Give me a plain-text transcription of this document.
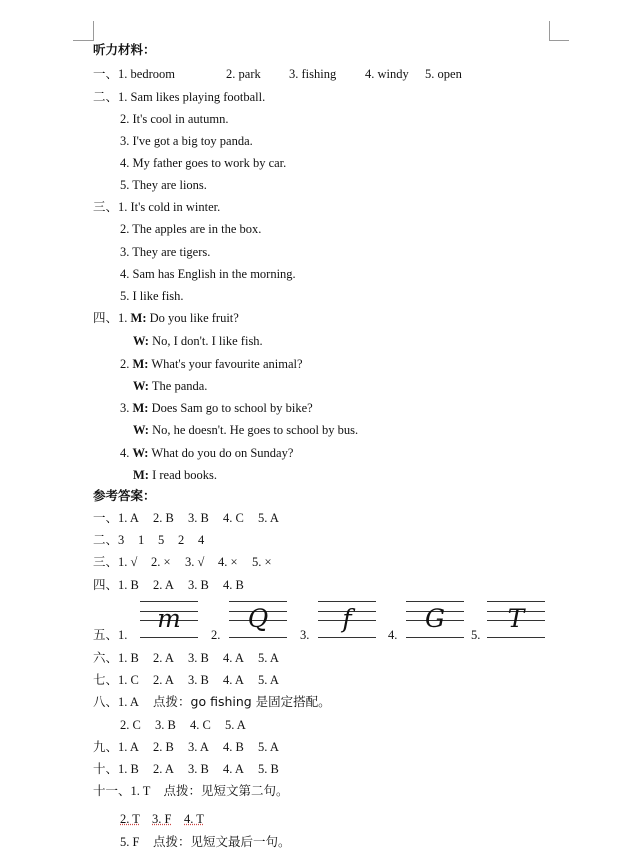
听力材料：
一、1. bedroom	2. park 3. fishing 4. windy 5. open
二、1. Sam likes playing football.
2. It's cool in autumn.
3. I've got a big toy panda.
4. My father goes to work by car.
5. They are lions.
三、1. It's cold in winter.
2. The apples are in the box.
3. They are tigers.
4. Sam has English in the morning.
5. I like fish.
四、1. M: Do you like fruit?
W: No, I don't. I like fish.
2. M: What's your favourite animal?
W: The panda.
3. M: Does Sam go to school by bike?
W: No, he doesn't. He goes to school by bus.
4. W: What do you do on Sunday?
M: I read books.
参考答案：
一、1. A 2. B 3. B 4. C 5. A
二、3 1 5 2 4
三、1. √ 2. × 3. √ 4. × 5. ×
四、1. B 2. A 3. B 4. B
五、1.
m
2.
Q
3.
f
4.
G
5.
T
六、1. B 2. A 3. B 4. A 5. A
七、1. C 2. A 3. B 4. A 5. A
八、1. A 点拨：go fishing 是固定搭配。
2. C 3. B 4. C 5. A
九、1. A 2. B 3. A 4. B 5. A
十、1. B 2. A 3. B 4. A 5. B
十一、1. T 点拨：见短文第二句。
2. T 3. F 4. T
5. F 点拨：见短文最后一句。
